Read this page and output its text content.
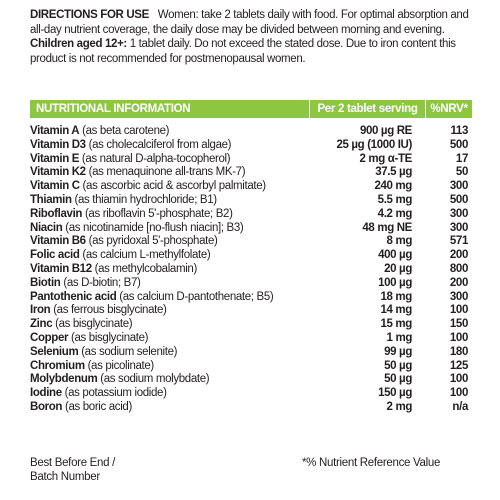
DIRECTIONS FOR USE Women: take 2 tablets daily with food. For optimal absorption and all-day nutrient coverage, the daily dose may be divided between morning and evening. Children aged 12+: 1 tablet daily. Do not exceed the stated dose. Due to iron content this product is not recommended for postmenopausal women.
NUTRITIONAL INFORMATION	Per 2 tablet serving	%NRV*
Vitamin A (as beta carotene)	900 µg RE	113
Vitamin D3 (as cholecalciferol from algae)	25 µg (1000 IU)	500
Vitamin E (as natural D-alpha-tocopherol)	2 mg α-TE	17
Vitamin K2 (as menaquinone all-trans MK-7)	37.5 µg	50
Vitamin C (as ascorbic acid & ascorbyl palmitate)	240 mg	300
Thiamin (as thiamin hydrochloride; B1)	5.5 mg	500
Riboflavin (as riboflavin 5'-phosphate; B2)	4.2 mg	300
Niacin (as nicotinamide [no-flush niacin]; B3)	48 mg NE	300
Vitamin B6 (as pyridoxal 5'-phosphate)	8 mg	571
Folic acid (as calcium L-methylfolate)	400 µg	200
Vitamin B12 (as methylcobalamin)	20 µg	800
Biotin (as D-biotin; B7)	100 µg	200
Pantothenic acid (as calcium D-pantothenate; B5)	18 mg	300
Iron (as ferrous bisglycinate)	14 mg	100
Zinc (as bisglycinate)	15 mg	150
Copper (as bisglycinate)	1 mg	100
Selenium (as sodium selenite)	99 µg	180
Chromium (as picolinate)	50 µg	125
Molybdenum (as sodium molybdate)	50 µg	100
Iodine (as potassium iodide)	150 µg	100
Boron (as boric acid)	2 mg	n/a
Best Before End /
Batch Number
*% Nutrient Reference Value
